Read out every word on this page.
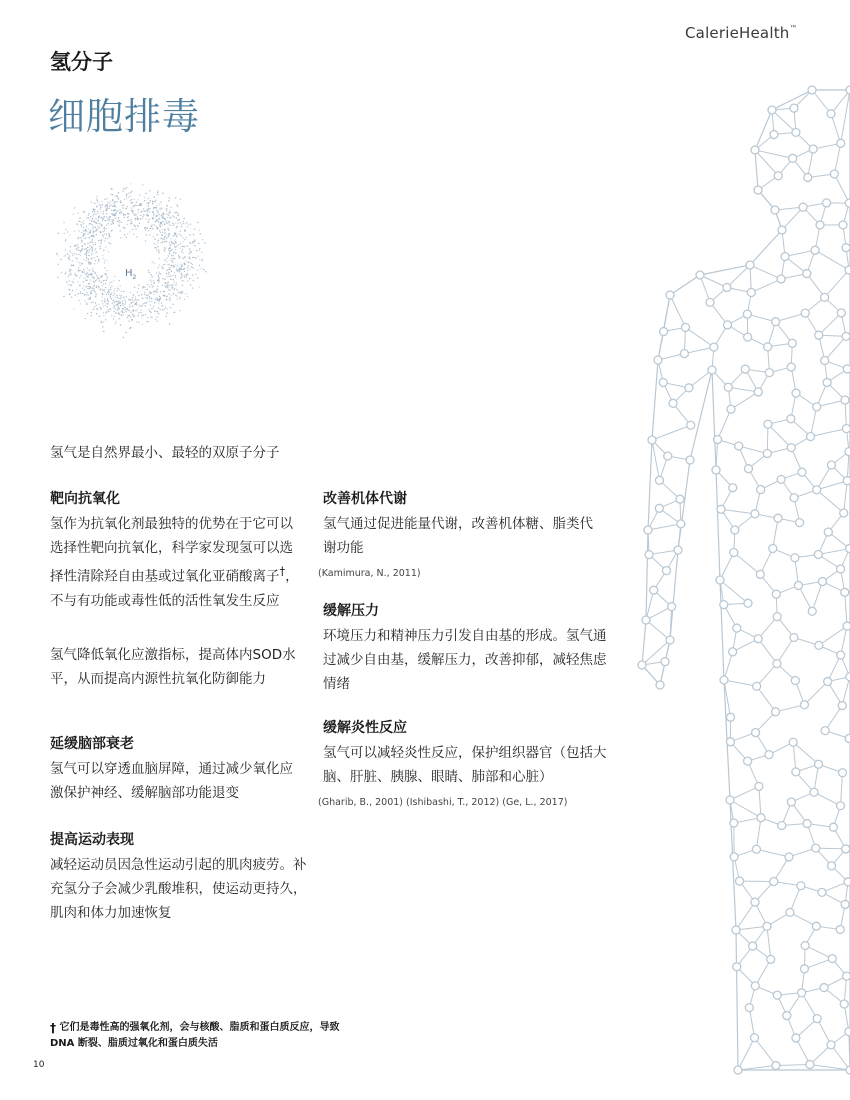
CalerieHealth™
氢分子
细胞排毒
$H_2$
氢气是自然界最小、最轻的双原子分子
靶向抗氧化

氢作为抗氧化剂最独特的优势在于它可以选择性靶向抗氧化，科学家发现氢可以选择性清除羟自由基或过氧化亚硝酸离子†，不与有功能或毒性低的活性氧发生反应

氢气降低氧化应激指标，提高体内SOD水平，从而提高内源性抗氧化防御能力

延缓脑部衰老

氢气可以穿透血脑屏障，通过减少氧化应激保护神经、缓解脑部功能退变

提高运动表现

减轻运动员因急性运动引起的肌肉疲劳。补充氢分子会减少乳酸堆积，使运动更持久，肌肉和体力加速恢复

改善机体代谢

氢气通过促进能量代谢，改善机体糖、脂类代谢功能

(Kamimura, N., 2011)
缓解压力

环境压力和精神压力引发自由基的形成。氢气通过减少自由基，缓解压力，改善抑郁，减轻焦虑情绪

缓解炎性反应

氢气可以减轻炎性反应，保护组织器官（包括大脑、肝脏、胰腺、眼睛、肺部和心脏）

(Gharib, B., 2001) (Ishibashi, T., 2012) (Ge, L., 2017)
† 它们是毒性高的强氧化剂，会与核酸、脂质和蛋白质反应，导致 DNA 断裂、脂质过氧化和蛋白质失活
10
